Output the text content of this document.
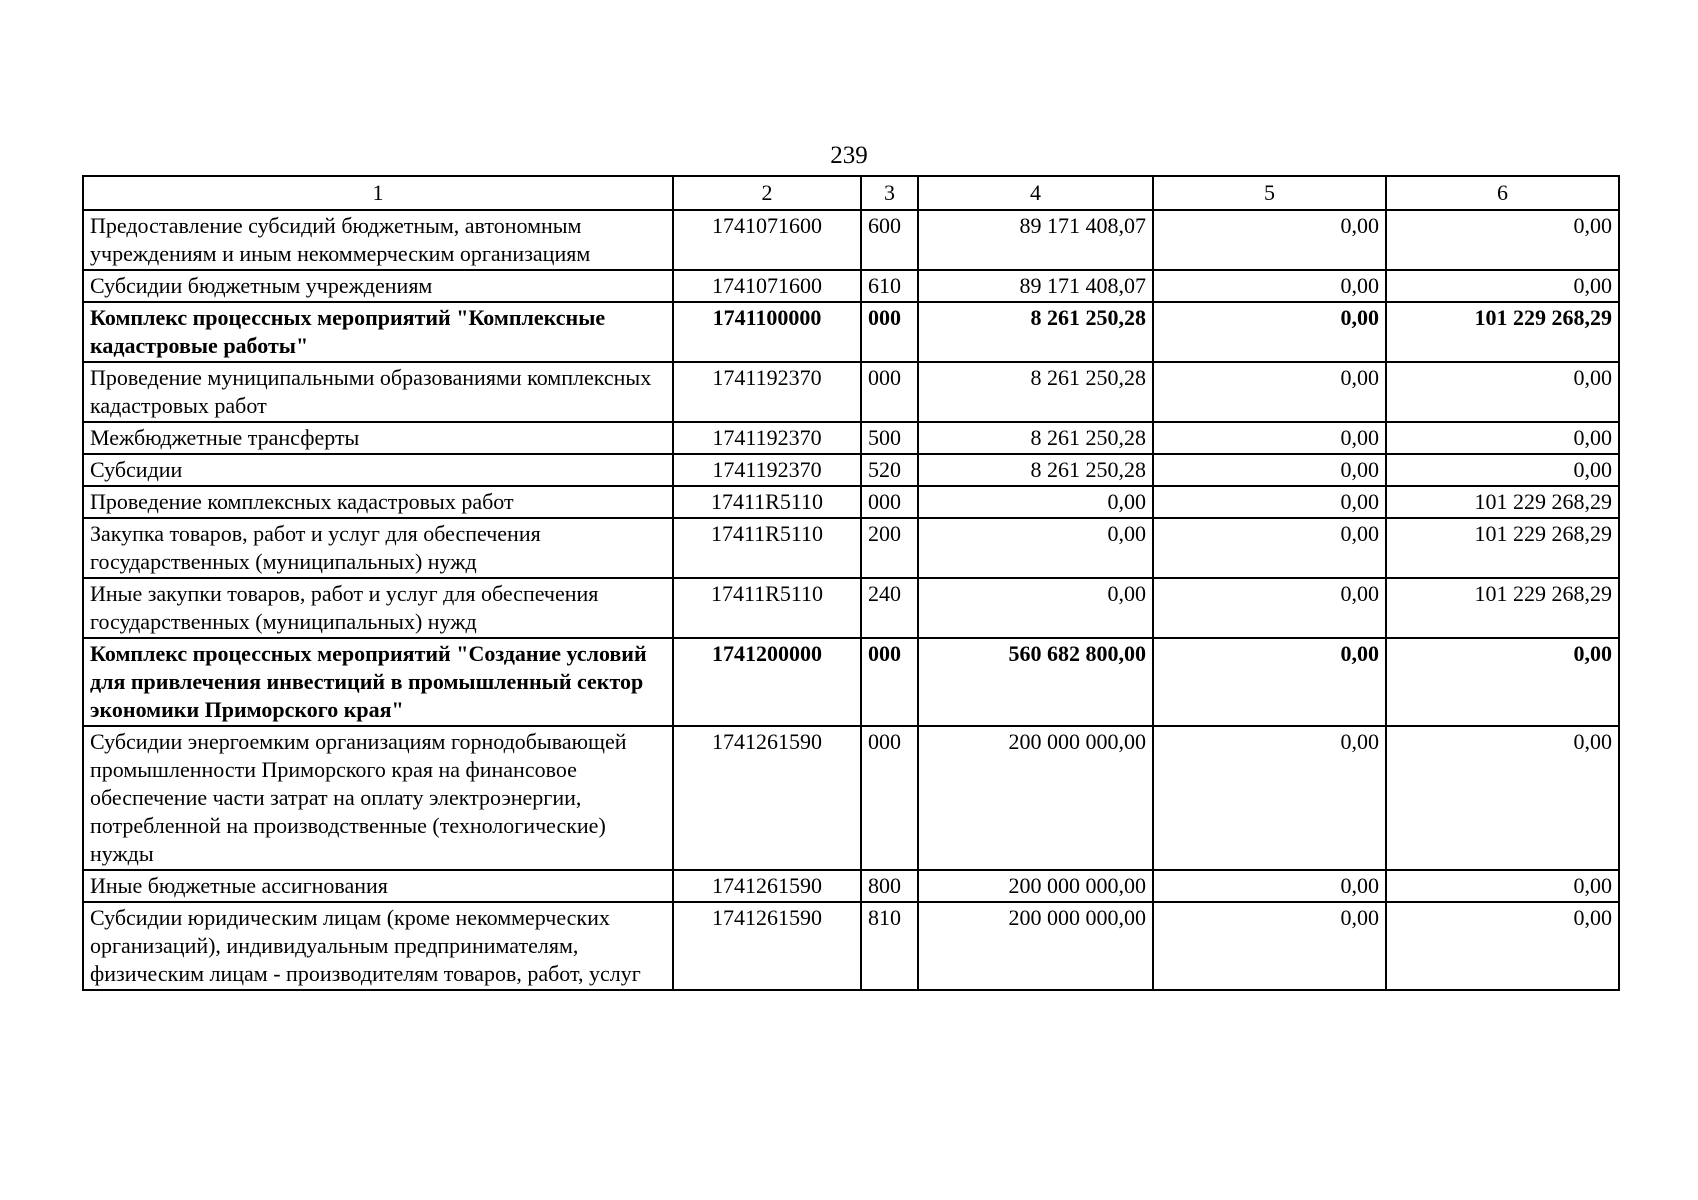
239
1	2	3	4	5	6
Предоставление субсидий бюджетным, автономным учреждениям и иным некоммерческим организациям	1741071600	600	89 171 408,07	0,00	0,00
Субсидии бюджетным учреждениям	1741071600	610	89 171 408,07	0,00	0,00
Комплекс процессных мероприятий "Комплексные кадастровые работы"	1741100000	000	8 261 250,28	0,00	101 229 268,29
Проведение муниципальными образованиями комплексных кадастровых работ	1741192370	000	8 261 250,28	0,00	0,00
Межбюджетные трансферты	1741192370	500	8 261 250,28	0,00	0,00
Субсидии	1741192370	520	8 261 250,28	0,00	0,00
Проведение комплексных кадастровых работ	17411R5110	000	0,00	0,00	101 229 268,29
Закупка товаров, работ и услуг для обеспечения государственных (муниципальных) нужд	17411R5110	200	0,00	0,00	101 229 268,29
Иные закупки товаров, работ и услуг для обеспечения государственных (муниципальных) нужд	17411R5110	240	0,00	0,00	101 229 268,29
Комплекс процессных мероприятий "Создание условий для привлечения инвестиций в промышленный сектор экономики Приморского края"	1741200000	000	560 682 800,00	0,00	0,00
Субсидии энергоемким организациям горнодобывающей промышленности Приморского края на финансовое обеспечение части затрат на оплату электроэнергии, потребленной на производственные (технологические) нужды	1741261590	000	200 000 000,00	0,00	0,00
Иные бюджетные ассигнования	1741261590	800	200 000 000,00	0,00	0,00
Субсидии юридическим лицам (кроме некоммерческих организаций), индивидуальным предпринимателям, физическим лицам - производителям товаров, работ, услуг	1741261590	810	200 000 000,00	0,00	0,00
